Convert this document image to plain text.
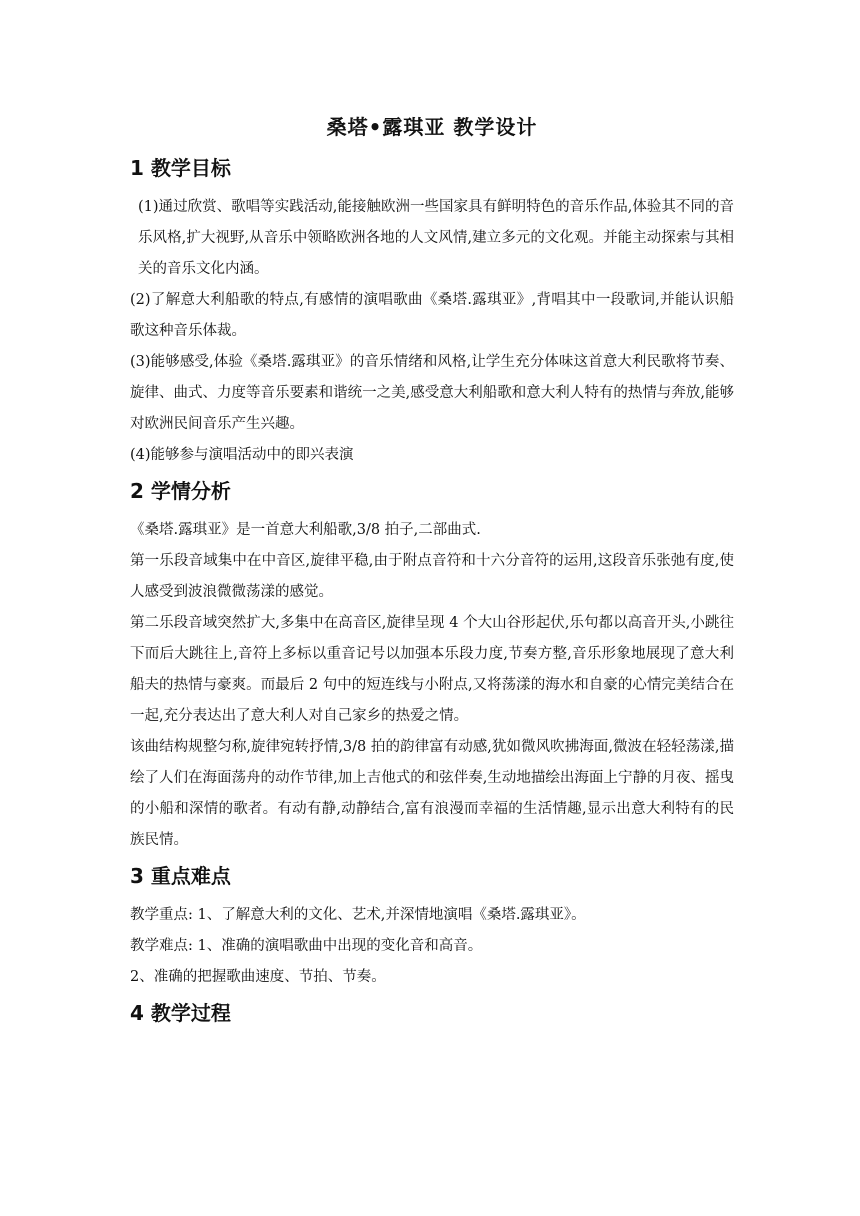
桑塔•露琪亚 教学设计
1 教学目标

(1)通过欣赏、歌唱等实践活动,能接触欧洲一些国家具有鲜明特色的音乐作品,体验其不同的音乐风格,扩大视野,从音乐中领略欧洲各地的人文风情,建立多元的文化观。并能主动探索与其相关的音乐文化内涵。

(2)了解意大利船歌的特点,有感情的演唱歌曲《桑塔.露琪亚》,背唱其中一段歌词,并能认识船歌这种音乐体裁。

(3)能够感受,体验《桑塔.露琪亚》的音乐情绪和风格,让学生充分体味这首意大利民歌将节奏、旋律、曲式、力度等音乐要素和谐统一之美,感受意大利船歌和意大利人特有的热情与奔放,能够对欧洲民间音乐产生兴趣。

(4)能够参与演唱活动中的即兴表演

2 学情分析

《桑塔.露琪亚》是一首意大利船歌,3/8 拍子,二部曲式.

第一乐段音域集中在中音区,旋律平稳,由于附点音符和十六分音符的运用,这段音乐张弛有度,使人感受到波浪微微荡漾的感觉。

第二乐段音域突然扩大,多集中在高音区,旋律呈现 4 个大山谷形起伏,乐句都以高音开头,小跳往下而后大跳往上,音符上多标以重音记号以加强本乐段力度,节奏方整,音乐形象地展现了意大利船夫的热情与豪爽。而最后 2 句中的短连线与小附点,又将荡漾的海水和自豪的心情完美结合在一起,充分表达出了意大利人对自己家乡的热爱之情。

该曲结构规整匀称,旋律宛转抒情,3/8 拍的韵律富有动感,犹如微风吹拂海面,微波在轻轻荡漾,描绘了人们在海面荡舟的动作节律,加上吉他式的和弦伴奏,生动地描绘出海面上宁静的月夜、摇曳的小船和深情的歌者。有动有静,动静结合,富有浪漫而幸福的生活情趣,显示出意大利特有的民族民情。

3 重点难点

教学重点: 1、了解意大利的文化、艺术,并深情地演唱《桑塔.露琪亚》。

教学难点: 1、准确的演唱歌曲中出现的变化音和高音。

2、准确的把握歌曲速度、节拍、节奏。

4 教学过程
